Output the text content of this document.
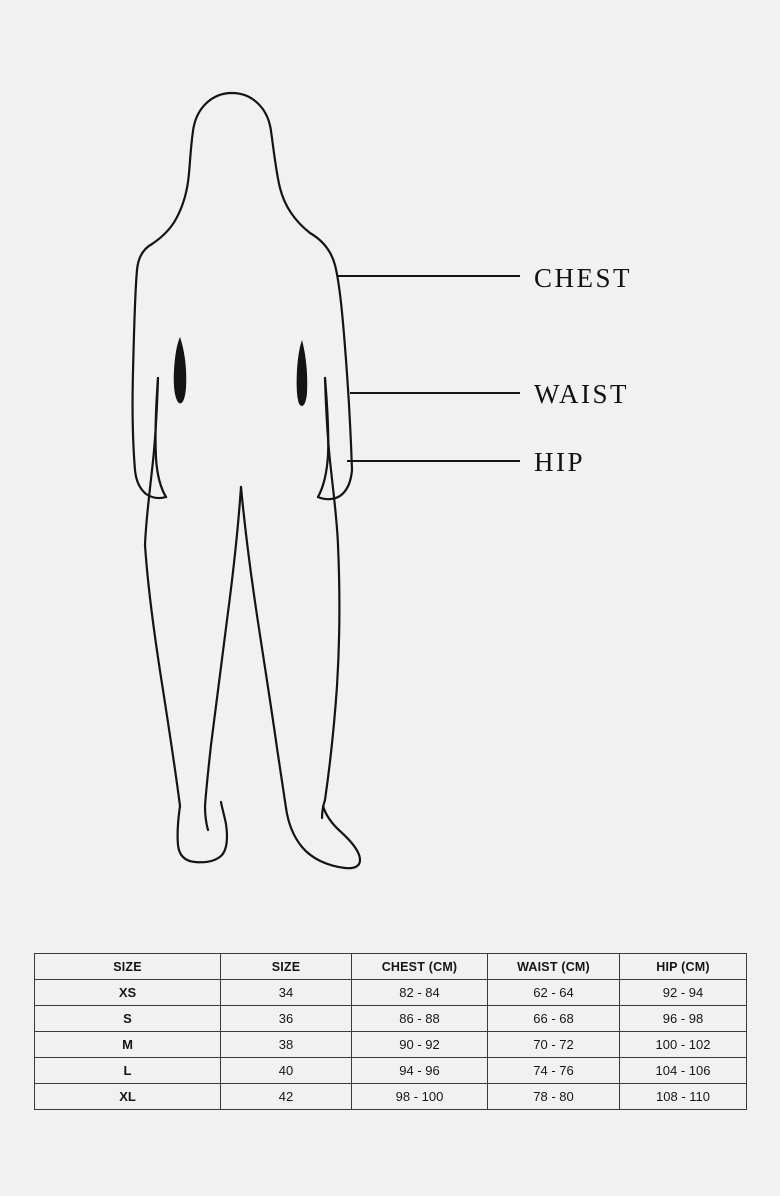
CHEST
WAIST
HIP
SIZE	SIZE	CHEST (CM)	WAIST (CM)	HIP (CM)
XS	34	82 - 84	62 - 64	92 - 94
S	36	86 - 88	66 - 68	96 - 98
M	38	90 - 92	70 - 72	100 - 102
L	40	94 - 96	74 - 76	104 - 106
XL	42	98 - 100	78 - 80	108 - 110
